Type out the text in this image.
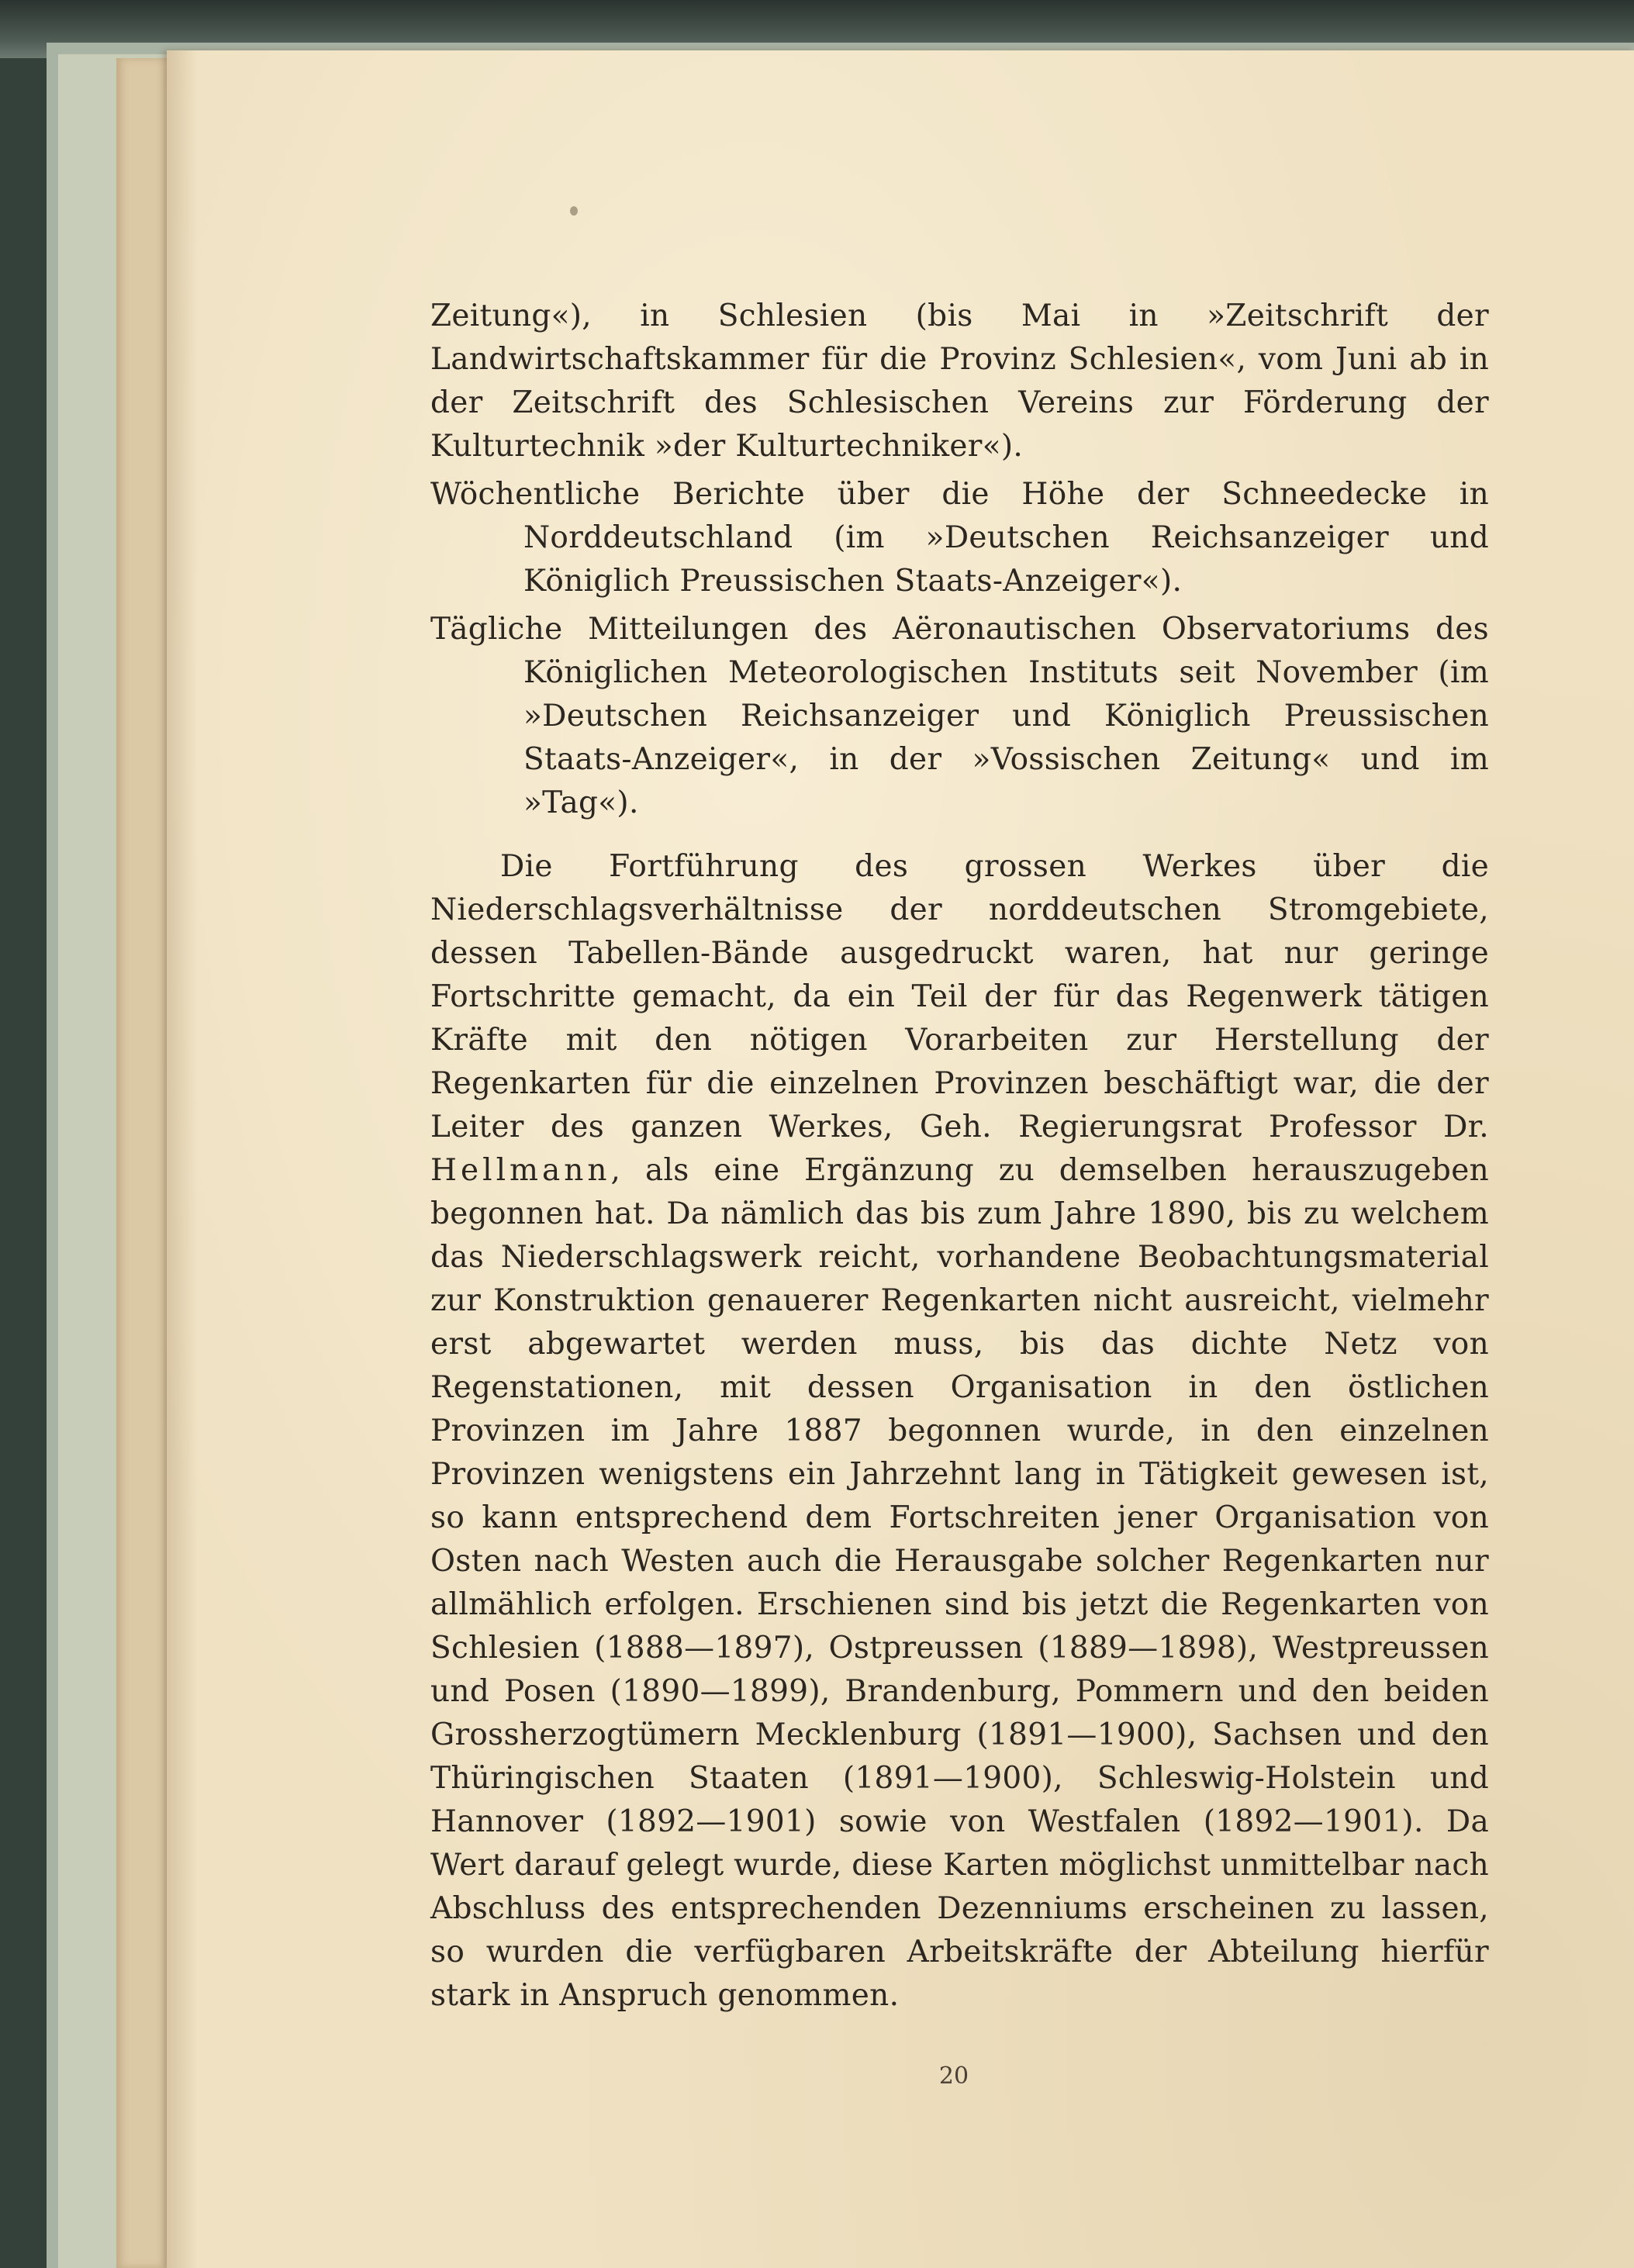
Zeitung«), in Schlesien (bis Mai in »Zeitschrift der Landwirtschaftskammer für die Provinz Schlesien«, vom Juni ab in der Zeitschrift des Schlesischen Vereins zur Förderung der Kulturtechnik »der Kulturtechniker«).

Wöchentliche Berichte über die Höhe der Schneedecke in Norddeutschland (im »Deutschen Reichsanzeiger und Königlich Preussischen Staats-Anzeiger«).

Tägliche Mitteilungen des Aëronautischen Observatoriums des Königlichen Meteorologischen Instituts seit November (im »Deutschen Reichsanzeiger und Königlich Preussischen Staats-Anzeiger«, in der »Vossischen Zeitung« und im »Tag«).

Die Fortführung des grossen Werkes über die Niederschlagsverhältnisse der norddeutschen Stromgebiete, dessen Tabellen-Bände ausgedruckt waren, hat nur geringe Fortschritte gemacht, da ein Teil der für das Regenwerk tätigen Kräfte mit den nötigen Vorarbeiten zur Herstellung der Regenkarten für die einzelnen Provinzen beschäftigt war, die der Leiter des ganzen Werkes, Geh. Regierungsrat Professor Dr. Hellmann, als eine Ergänzung zu demselben herauszugeben begonnen hat. Da nämlich das bis zum Jahre 1890, bis zu welchem das Niederschlagswerk reicht, vorhandene Beobachtungsmaterial zur Konstruktion genauerer Regenkarten nicht ausreicht, vielmehr erst abgewartet werden muss, bis das dichte Netz von Regenstationen, mit dessen Organisation in den östlichen Provinzen im Jahre 1887 begonnen wurde, in den einzelnen Provinzen wenigstens ein Jahrzehnt lang in Tätigkeit gewesen ist, so kann entsprechend dem Fortschreiten jener Organisation von Osten nach Westen auch die Herausgabe solcher Regenkarten nur allmählich erfolgen. Erschienen sind bis jetzt die Regenkarten von Schlesien (1888—1897), Ostpreussen (1889—1898), Westpreussen und Posen (1890—1899), Brandenburg, Pommern und den beiden Grossherzogtümern Mecklenburg (1891—1900), Sachsen und den Thüringischen Staaten (1891—1900), Schleswig-Holstein und Hannover (1892—1901) sowie von Westfalen (1892—1901). Da Wert darauf gelegt wurde, diese Karten möglichst unmittelbar nach Abschluss des entsprechenden Dezenniums erscheinen zu lassen, so wurden die verfügbaren Arbeitskräfte der Abteilung hierfür stark in Anspruch genommen.

20
